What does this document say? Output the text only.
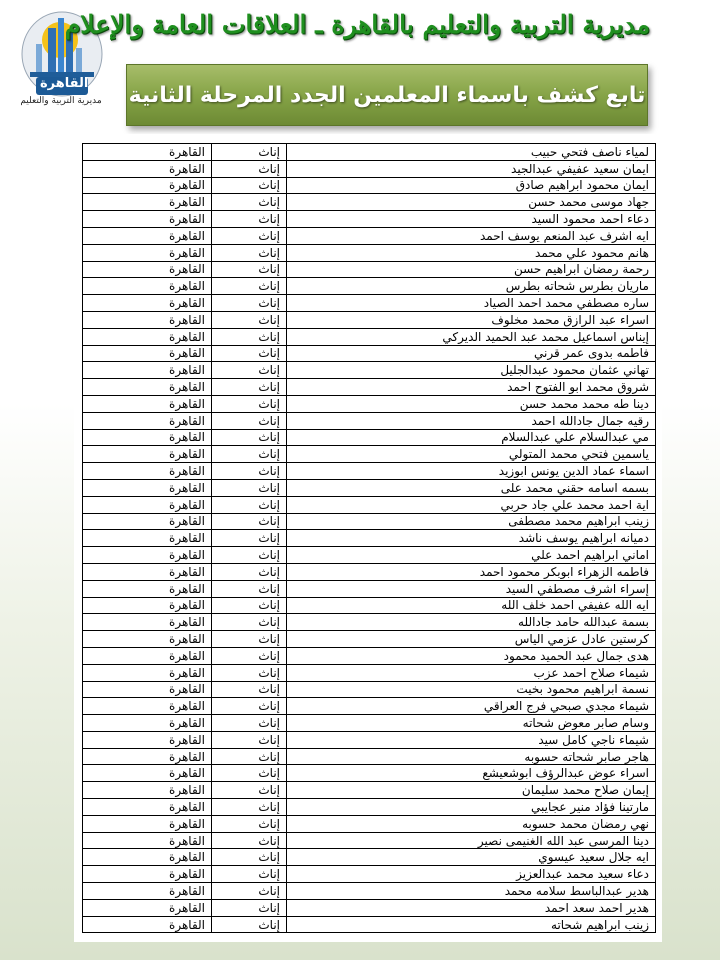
القاهرة
مديرية التربية والتعليم
مديرية التربية والتعليم بالقاهرة ـ العلاقات العامة والإعلام
تابع كشف باسماء المعلمين الجدد المرحلة الثانية
القاهرة	إناث	لمياء ناصف فتحي حبيب
القاهرة	إناث	ايمان سعيد عفيفي عبدالجيد
القاهرة	إناث	ايمان محمود ابراهيم صادق
القاهرة	إناث	جهاد موسى محمد حسن
القاهرة	إناث	دعاء احمد محمود السيد
القاهرة	إناث	ايه اشرف عبد المنعم يوسف احمد
القاهرة	إناث	هانم محمود علي محمد
القاهرة	إناث	رحمة رمضان ابراهيم حسن
القاهرة	إناث	ماريان بطرس شحاته بطرس
القاهرة	إناث	ساره مصطفي محمد احمد الصياد
القاهرة	إناث	اسراء عبد الرازق محمد مخلوف
القاهرة	إناث	إيناس اسماعيل محمد عبد الحميد الديركي
القاهرة	إناث	فاطمه بدوى عمر قرني
القاهرة	إناث	تهاني عثمان محمود عبدالجليل
القاهرة	إناث	شروق محمد ابو الفتوح احمد
القاهرة	إناث	دينا طه محمد محمد حسن
القاهرة	إناث	رقيه جمال جادالله احمد
القاهرة	إناث	مي عبدالسلام علي عبدالسلام
القاهرة	إناث	ياسمين فتحي محمد المتولي
القاهرة	إناث	اسماء عماد الدين يونس ابوزيد
القاهرة	إناث	بسمه اسامه حقني محمد على
القاهرة	إناث	اية احمد محمد علي جاد حربي
القاهرة	إناث	زينب ابراهيم محمد مصطفى
القاهرة	إناث	دميانه ابراهيم يوسف ناشد
القاهرة	إناث	اماني ابراهيم احمد علي
القاهرة	إناث	فاطمه الزهراء ابوبكر محمود احمد
القاهرة	إناث	إسراء اشرف مصطفي السيد
القاهرة	إناث	ايه الله عفيفي احمد خلف الله
القاهرة	إناث	بسمة عبدالله حامد جادالله
القاهرة	إناث	كرستين عادل عزمي الياس
القاهرة	إناث	هدى جمال عبد الحميد محمود
القاهرة	إناث	شيماء صلاح احمد عزب
القاهرة	إناث	نسمة ابراهيم محمود بخيت
القاهرة	إناث	شيماء مجدي صبحي فرج العراقي
القاهرة	إناث	وسام صابر معوض شحاته
القاهرة	إناث	شيماء ناجي كامل سيد
القاهرة	إناث	هاجر صابر شحاته حسوبه
القاهرة	إناث	اسراء عوض عبدالرؤف ابوشعيشع
القاهرة	إناث	إيمان صلاح محمد سليمان
القاهرة	إناث	مارتينا فؤاد منير عجايبي
القاهرة	إناث	نهي رمضان محمد حسوبه
القاهرة	إناث	دينا المرسى عبد الله الغنيمى نصير
القاهرة	إناث	ايه جلال سعيد عيسوي
القاهرة	إناث	دعاء سعيد محمد عبدالعزيز
القاهرة	إناث	هدير عبدالباسط سلامه محمد
القاهرة	إناث	هدير احمد سعد احمد
القاهرة	إناث	زينب ابراهيم شحاته
